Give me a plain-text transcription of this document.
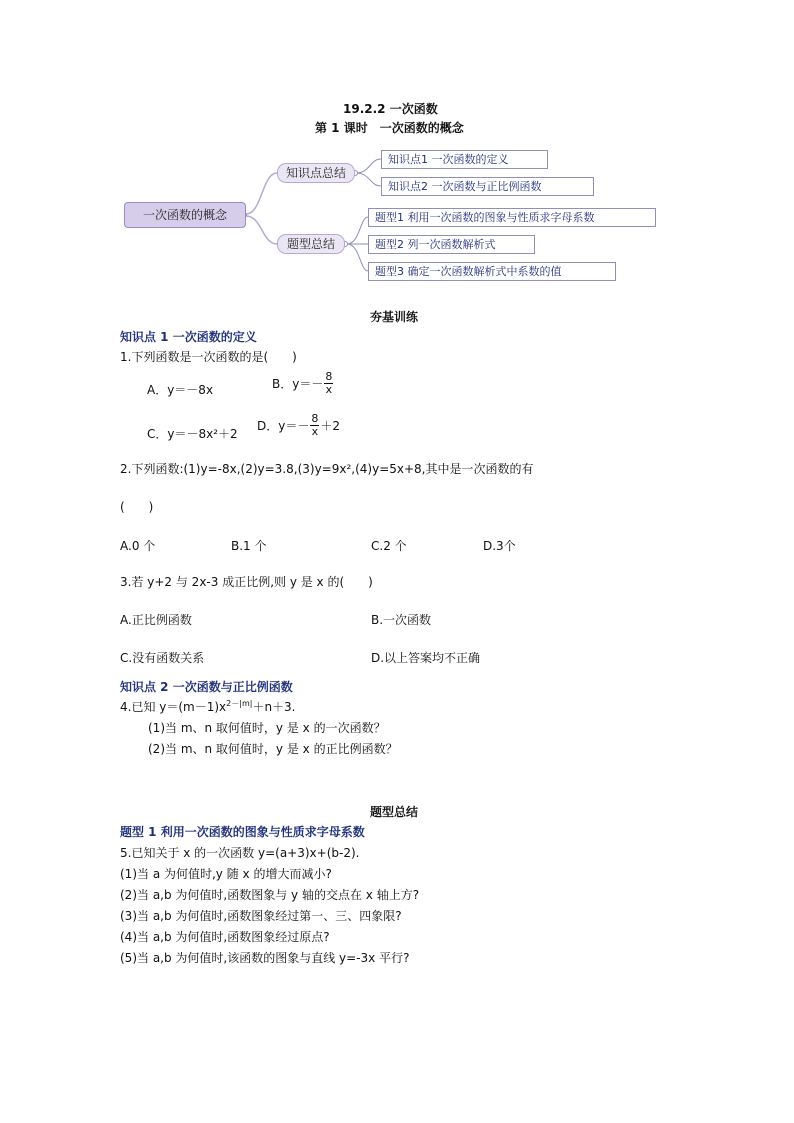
19.2.2 一次函数
第 1 课时　一次函数的概念
一次函数的概念
知识点总结
题型总结
知识点1 一次函数的定义
知识点2 一次函数与正比例函数
题型1 利用一次函数的图象与性质求字母系数
题型2 列一次函数解析式
题型3 确定一次函数解析式中系数的值
夯基训练
知识点 1 一次函数的定义
1.下列函数是一次函数的是(　　)
A．y＝－8x	B．$y=- \frac{8}{x}$
C．y＝－8x²＋2
D．$y=- \frac{8}{x} +2$
2.下列函数:(1)y=-8x,(2)y=3.8,(3)y=9x²,(4)y=5x+8,其中是一次函数的有
(　　)
A.0 个	B.1 个	C.2 个	D.3个
3.若 y+2 与 2x-3 成正比例,则 y 是 x 的(　　)
A.正比例函数	B.一次函数
C.没有函数关系	D.以上答案均不正确
知识点 2 一次函数与正比例函数
4.已知 $y=(m-1)x^{2-|m|}+n+3$.
(1)当 m、n 取何值时，y 是 x 的一次函数？
(2)当 m、n 取何值时，y 是 x 的正比例函数？
题型总结
题型 1 利用一次函数的图象与性质求字母系数
5.已知关于 x 的一次函数 y=(a+3)x+(b-2).
(1)当 a 为何值时,y 随 x 的增大而减小?
(2)当 a,b 为何值时,函数图象与 y 轴的交点在 x 轴上方?
(3)当 a,b 为何值时,函数图象经过第一、三、四象限?
(4)当 a,b 为何值时,函数图象经过原点?
(5)当 a,b 为何值时,该函数的图象与直线 y=-3x 平行?
